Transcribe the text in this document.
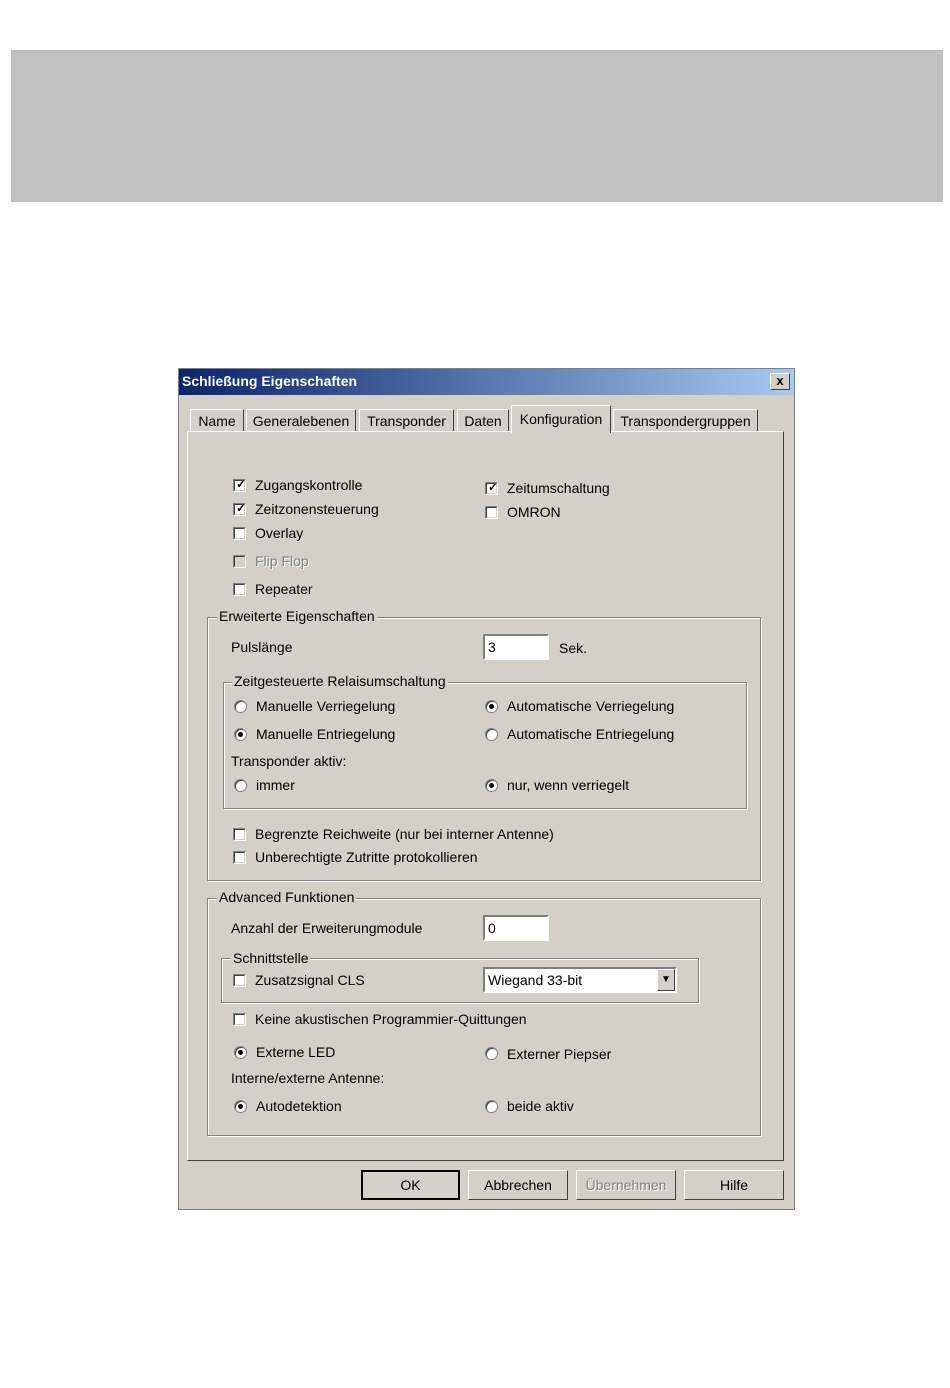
Schließung Eigenschaften	x
Name	Generalebenen	Transponder	Daten	Konfiguration	Transpondergruppen
✓ Zugangskontrolle
✓ Zeitzonensteuerung
Overlay
Flip Flop
Repeater
✓ Zeitumschaltung
OMRON
Erweiterte Eigenschaften
Pulslänge
3	Sek.
Zeitgesteuerte Relaisumschaltung
Manuelle Verriegelung	Automatische Verriegelung
Manuelle Entriegelung	Automatische Entriegelung
Transponder aktiv:
immer	nur, wenn verriegelt
Begrenzte Reichweite (nur bei interner Antenne)
Unberechtigte Zutritte protokollieren
Advanced Funktionen
Anzahl der Erweiterungmodule
0
Schnittstelle
Zusatzsignal CLS	Wiegand 33-bit	▼
Keine akustischen Programmier-Quittungen
Externe LED	Externer Piepser
Interne/externe Antenne:
Autodetektion	beide aktiv
OK	Abbrechen	Übernehmen	Hilfe
